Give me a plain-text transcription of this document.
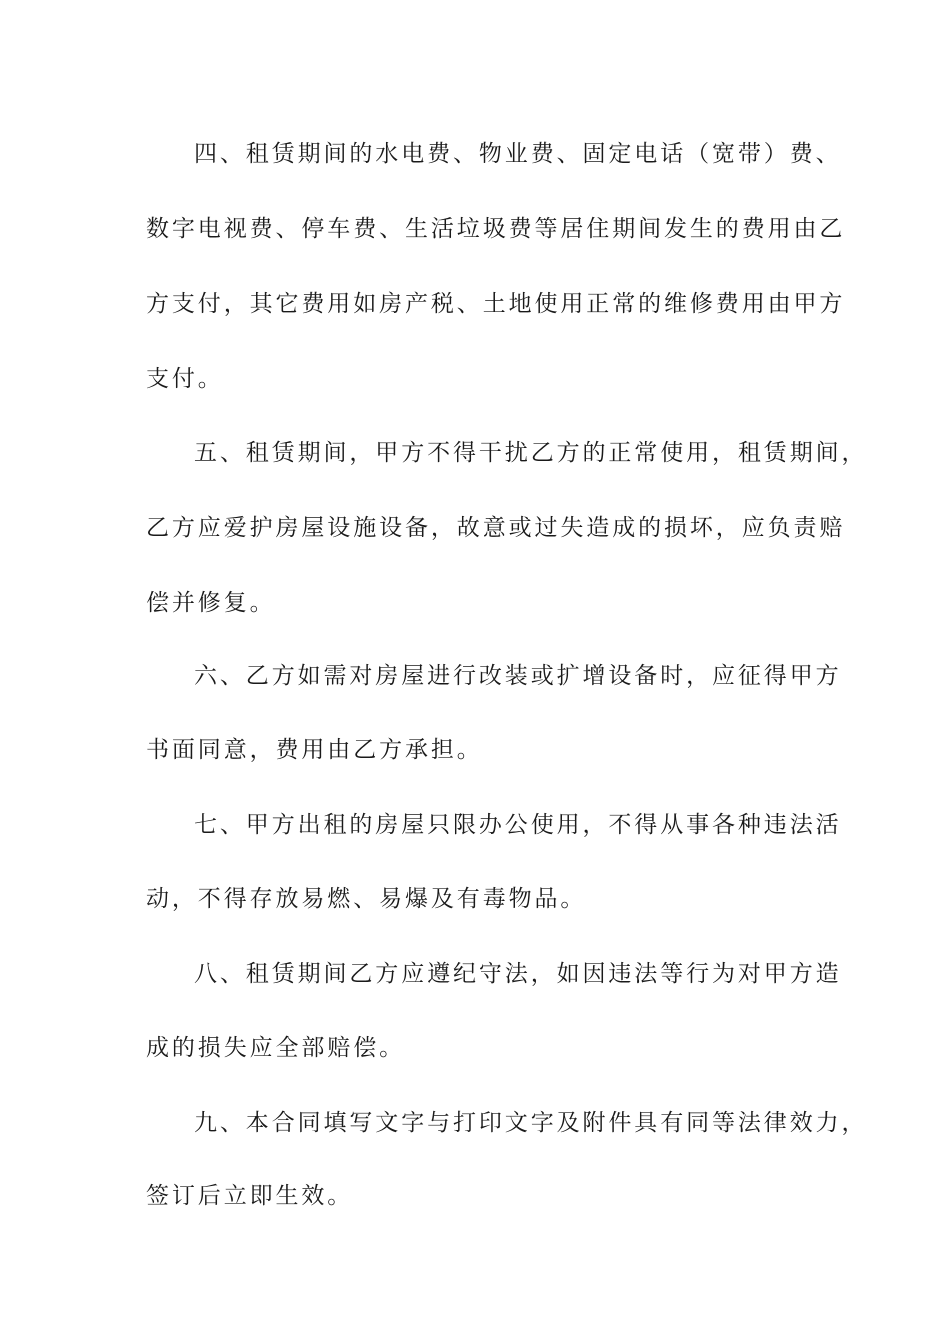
四、租赁期间的水电费、物业费、固定电话（宽带）费、
数字电视费、停车费、生活垃圾费等居住期间发生的费用由乙
方支付，其它费用如房产税、土地使用正常的维修费用由甲方
支付。
五、租赁期间，甲方不得干扰乙方的正常使用，租赁期间，
乙方应爱护房屋设施设备，故意或过失造成的损坏，应负责赔
偿并修复。
六、乙方如需对房屋进行改装或扩增设备时，应征得甲方
书面同意，费用由乙方承担。
七、甲方出租的房屋只限办公使用，不得从事各种违法活
动，不得存放易燃、易爆及有毒物品。
八、租赁期间乙方应遵纪守法，如因违法等行为对甲方造
成的损失应全部赔偿。
九、本合同填写文字与打印文字及附件具有同等法律效力，
签订后立即生效。
